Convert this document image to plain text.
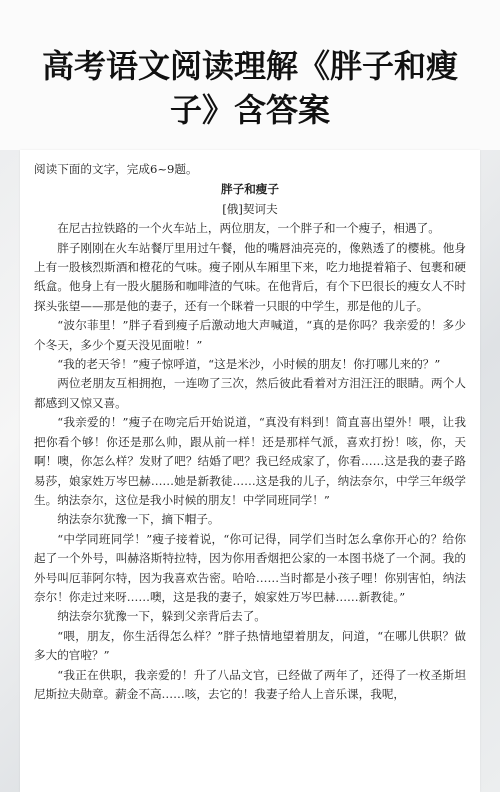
高考语文阅读理解《胖子和瘦子》含答案

阅读下面的文字，完成6~9题。

胖子和瘦子

[俄]契诃夫

在尼古拉铁路的一个火车站上，两位朋友，一个胖子和一个瘦子，相遇了。

胖子刚刚在火车站餐厅里用过午餐，他的嘴唇油亮亮的，像熟透了的樱桃。他身上有一股核烈斯酒和橙花的气味。瘦子刚从车厢里下来，吃力地提着箱子、包裹和硬纸盒。他身上有一股火腿肠和咖啡渣的气味。在他背后，有个下巴很长的瘦女人不时探头张望——那是他的妻子，还有一个眯着一只眼的中学生，那是他的儿子。

“波尔菲里！”胖子看到瘦子后激动地大声喊道，“真的是你吗？我亲爱的！多少个冬天，多少个夏天没见面啦！”

“我的老天爷！”瘦子惊呼道，“这是米沙，小时候的朋友！你打哪儿来的？”

两位老朋友互相拥抱，一连吻了三次，然后彼此看着对方泪汪汪的眼睛。两个人都感到又惊又喜。

“我亲爱的！”瘦子在吻完后开始说道，“真没有料到！简直喜出望外！喂，让我把你看个够！你还是那么帅，跟从前一样！还是那样气派，喜欢打扮！咳，你，天啊！噢，你怎么样？发财了吧？结婚了吧？我已经成家了，你看……这是我的妻子路易莎，娘家姓万岑巴赫……她是新教徒……这是我的儿子，纳法奈尔，中学三年级学生。纳法奈尔，这位是我小时候的朋友！中学同班同学！”

纳法奈尔犹豫一下，摘下帽子。

“中学同班同学！”瘦子接着说，“你可记得，同学们当时怎么拿你开心的？给你起了一个外号，叫赫洛斯特拉特，因为你用香烟把公家的一本图书烧了一个洞。我的外号叫厄菲阿尔特，因为我喜欢告密。哈哈……当时都是小孩子哩！你别害怕，纳法奈尔！你走过来呀……噢，这是我的妻子，娘家姓万岑巴赫……新教徒。”

纳法奈尔犹豫一下，躲到父亲背后去了。

“喂，朋友，你生活得怎么样？”胖子热情地望着朋友，问道，“在哪儿供职？做多大的官啦？”

“我正在供职，我亲爱的！升了八品文官，已经做了两年了，还得了一枚圣斯坦尼斯拉夫勋章。薪金不高……咳，去它的！我妻子给人上音乐课，我呢，
